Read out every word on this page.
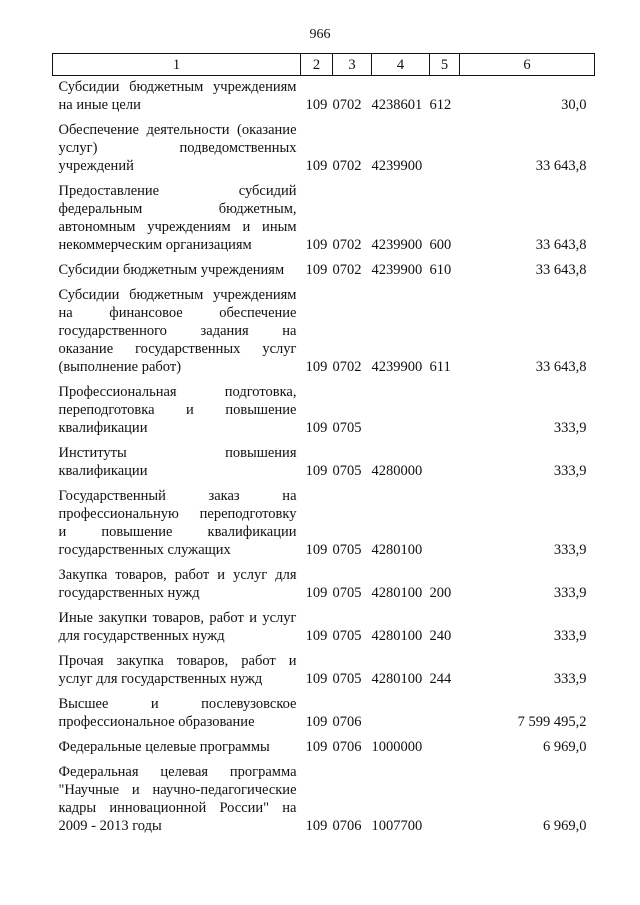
966
1	2	3	4	5	6

Субсидии бюджетным учреждениям
на иные цели	109	0702	4238601	612	30,0

Обеспечение деятельности (оказание
услуг) подведомственных
учреждений	109	0702	4239900		33 643,8

Предоставление субсидий
федеральным бюджетным,
автономным учреждениям и иным
некоммерческим организациям	109	0702	4239900	600	33 643,8

Субсидии бюджетным учреждениям	109	0702	4239900	610	33 643,8

Субсидии бюджетным учреждениям
на финансовое обеспечение
государственного задания на
оказание государственных услуг
(выполнение работ)	109	0702	4239900	611	33 643,8

Профессиональная подготовка,
переподготовка и повышение
квалификации	109	0705			333,9

Институты повышения
квалификации	109	0705	4280000		333,9

Государственный заказ на
профессиональную переподготовку
и повышение квалификации
государственных служащих	109	0705	4280100		333,9

Закупка товаров, работ и услуг для
государственных нужд	109	0705	4280100	200	333,9

Иные закупки товаров, работ и услуг
для государственных нужд	109	0705	4280100	240	333,9

Прочая закупка товаров, работ и
услуг для государственных нужд	109	0705	4280100	244	333,9

Высшее и послевузовское
профессиональное образование	109	0706			7 599 495,2

Федеральные целевые программы	109	0706	1000000		6 969,0

Федеральная целевая программа
"Научные и научно-педагогические
кадры инновационной России" на
2009 - 2013 годы	109	0706	1007700		6 969,0
